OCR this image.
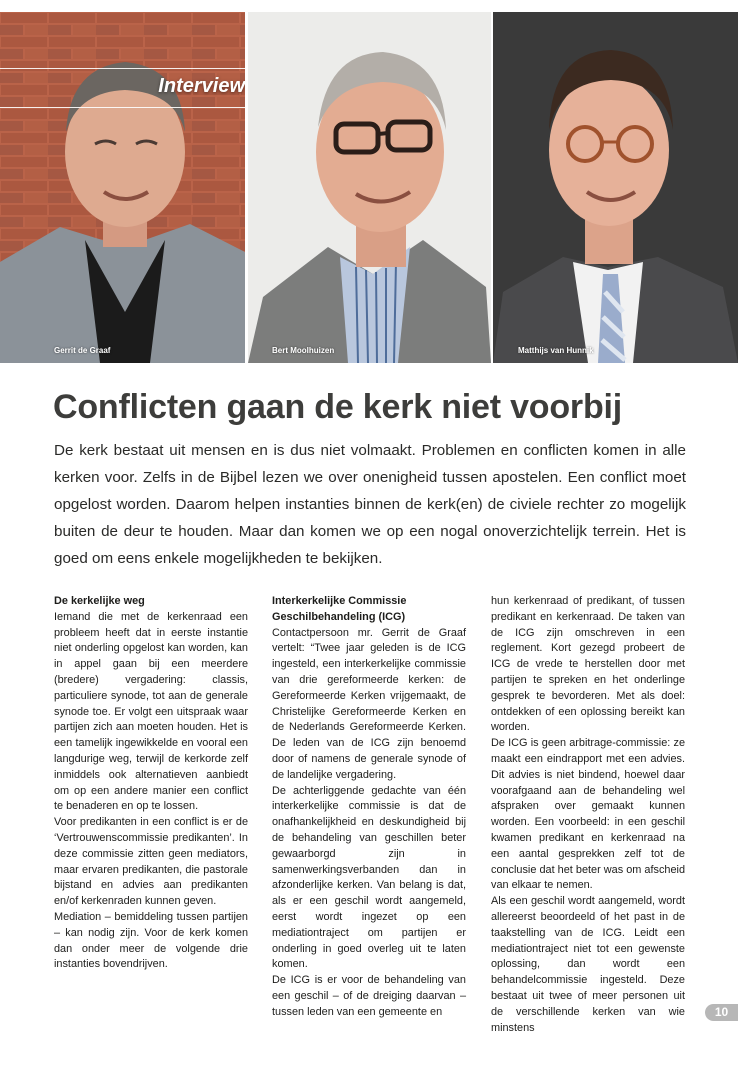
Interview
Gerrit de Graaf	Bert Moolhuizen	Matthijs van Hunnik
Conflicten gaan de kerk niet voorbij

De kerk bestaat uit mensen en is dus niet volmaakt. Problemen en conflicten komen in alle kerken voor. Zelfs in de Bijbel lezen we over onenigheid tussen apostelen. Een conflict moet opgelost worden. Daarom helpen instanties binnen de kerk(en) de civiele rechter zo mogelijk buiten de deur te houden. Maar dan komen we op een nogal onoverzichtelijk terrein. Het is goed om eens enkele mogelijkheden te bekijken.

De kerkelijke weg

Iemand die met de kerkenraad een probleem heeft dat in eerste instantie niet onderling opgelost kan worden, kan in appel gaan bij een meerdere (bredere) vergadering: classis, particuliere synode, tot aan de generale synode toe. Er volgt een uitspraak waar partijen zich aan moeten houden. Het is een tamelijk ingewikkelde en vooral een langdurige weg, terwijl de kerkorde zelf inmiddels ook alternatieven aanbiedt om op een andere manier een conflict te benaderen en op te lossen.

Voor predikanten in een conflict is er de ‘Vertrouwenscommissie predikanten’. In deze commissie zitten geen mediators, maar ervaren predikanten, die pastorale bijstand en advies aan predikanten en/of kerkenraden kunnen geven.

Mediation – bemiddeling tussen partijen – kan nodig zijn. Voor de kerk komen dan onder meer de volgende drie instanties bovendrijven.

Interkerkelijke Commissie Geschilbehandeling (ICG)

Contactpersoon mr. Gerrit de Graaf vertelt: “Twee jaar geleden is de ICG ingesteld, een interkerkelijke commissie van drie gereformeerde kerken: de Gereformeerde Kerken vrijgemaakt, de Christelijke Gereformeerde Kerken en de Nederlands Gereformeerde Kerken. De leden van de ICG zijn benoemd door of namens de generale synode of de landelijke vergadering.

De achterliggende gedachte van één interkerkelijke commissie is dat de onafhankelijkheid en deskundigheid bij de behandeling van geschillen beter gewaarborgd zijn in samenwerkingsverbanden dan in afzonderlijke kerken. Van belang is dat, als er een geschil wordt aangemeld, eerst wordt ingezet op een mediationtraject om partijen er onderling in goed overleg uit te laten komen.

De ICG is er voor de behandeling van een geschil – of de dreiging daarvan – tussen leden van een gemeente en

hun kerkenraad of predikant, of tussen predikant en kerkenraad. De taken van de ICG zijn omschreven in een reglement. Kort gezegd probeert de ICG de vrede te herstellen door met partijen te spreken en het onderlinge gesprek te bevorderen. Met als doel: ontdekken of een oplossing bereikt kan worden.

De ICG is geen arbitrage-commissie: ze maakt een eindrapport met een advies. Dit advies is niet bindend, hoewel daar voorafgaand aan de behandeling wel afspraken over gemaakt kunnen worden. Een voorbeeld: in een geschil kwamen predikant en kerkenraad na een aantal gesprekken zelf tot de conclusie dat het beter was om afscheid van elkaar te nemen.

Als een geschil wordt aangemeld, wordt allereerst beoordeeld of het past in de taakstelling van de ICG. Leidt een mediationtraject niet tot een gewenste oplossing, dan wordt een behandelcommissie ingesteld. Deze bestaat uit twee of meer personen uit de verschillende kerken van wie minstens

10
